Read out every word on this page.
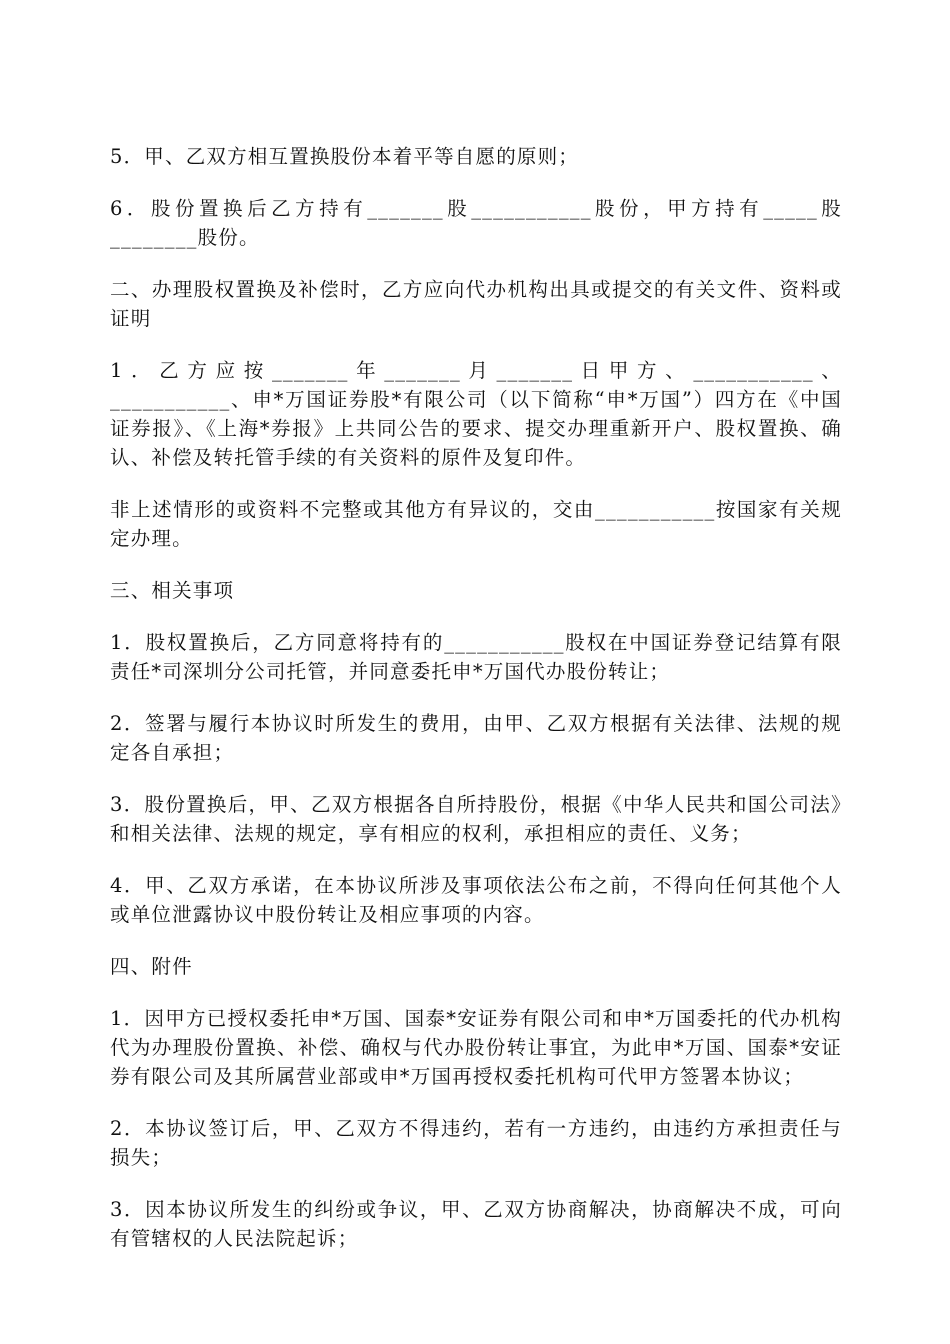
5．甲、乙双方相互置换股份本着平等自愿的原则；

6．股份置换后乙方持有_______股___________股份，甲方持有_____股________股份。

二、办理股权置换及补偿时，乙方应向代办机构出具或提交的有关文件、资料或证明

1．乙方应按_______年_______月_______日甲方、___________、___________、申*万国证券股*有限公司（以下简称“申*万国”）四方在《中国证券报》、《上海*券报》上共同公告的要求、提交办理重新开户、股权置换、确认、补偿及转托管手续的有关资料的原件及复印件。

非上述情形的或资料不完整或其他方有异议的，交由___________按国家有关规定办理。

三、相关事项

1．股权置换后，乙方同意将持有的___________股权在中国证券登记结算有限责任*司深圳分公司托管，并同意委托申*万国代办股份转让；

2．签署与履行本协议时所发生的费用，由甲、乙双方根据有关法律、法规的规定各自承担；

3．股份置换后，甲、乙双方根据各自所持股份，根据《中华人民共和国公司法》和相关法律、法规的规定，享有相应的权利，承担相应的责任、义务；

4．甲、乙双方承诺，在本协议所涉及事项依法公布之前，不得向任何其他个人或单位泄露协议中股份转让及相应事项的内容。

四、附件

1．因甲方已授权委托申*万国、国泰*安证券有限公司和申*万国委托的代办机构代为办理股份置换、补偿、确权与代办股份转让事宜，为此申*万国、国泰*安证券有限公司及其所属营业部或申*万国再授权委托机构可代甲方签署本协议；

2．本协议签订后，甲、乙双方不得违约，若有一方违约，由违约方承担责任与损失；

3．因本协议所发生的纠纷或争议，甲、乙双方协商解决，协商解决不成，可向有管辖权的人民法院起诉；
